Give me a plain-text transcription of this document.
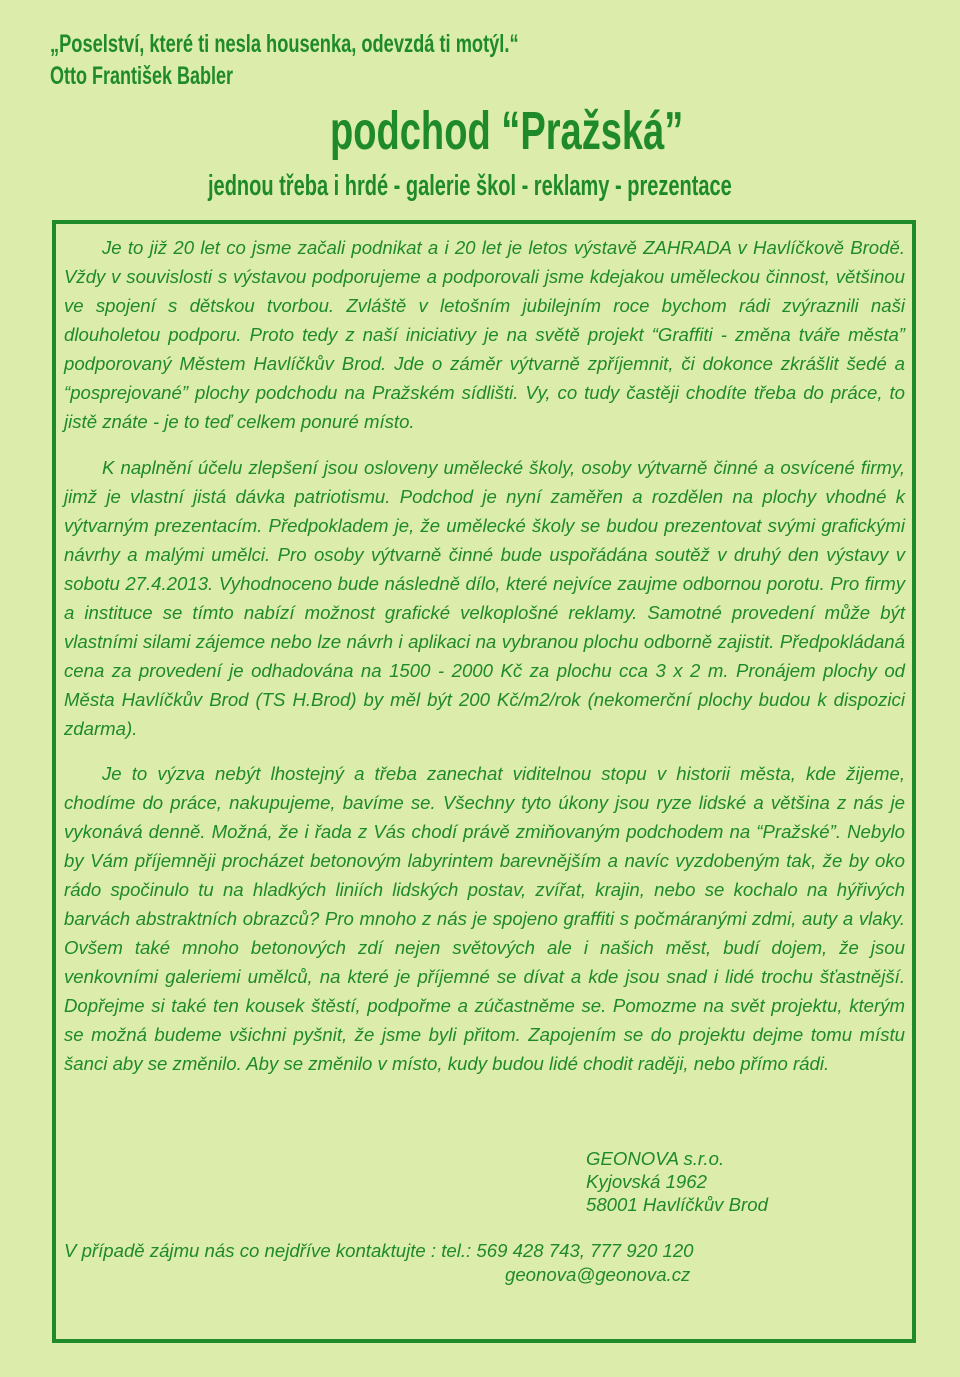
„Poselství, které ti nesla housenka, odevzdá ti motýl.“
Otto František Babler
podchod “Pražská”
jednou třeba i hrdé - galerie škol - reklamy - prezentace

Je to již 20 let co jsme začali podnikat a i 20 let je letos výstavě ZAHRADA v Havlíčkově Brodě. Vždy v souvislosti s výstavou podporujeme a podporovali jsme kdejakou uměleckou činnost, většinou ve spojení s dětskou tvorbou. Zvláště v letošním jubilejním roce bychom rádi zvýraznili naši dlouholetou podporu. Proto tedy z naší iniciativy je na světě projekt “Graffiti - změna tváře města” podporovaný Městem Havlíčkův Brod. Jde o záměr výtvarně zpříjemnit, či dokonce zkrášlit šedé a “posprejované” plochy podchodu na Pražském sídlišti. Vy, co tudy častěji chodíte třeba do práce, to jistě znáte - je to teď celkem ponuré místo.

K naplnění účelu zlepšení jsou osloveny umělecké školy, osoby výtvarně činné a osvícené firmy, jimž je vlastní jistá dávka patriotismu. Podchod je nyní zaměřen a rozdělen na plochy vhodné k výtvarným prezentacím. Předpokladem je, že umělecké školy se budou prezentovat svými grafickými návrhy a malými umělci. Pro osoby výtvarně činné bude uspořádána soutěž v druhý den výstavy v sobotu 27.4.2013. Vyhodnoceno bude následně dílo, které nejvíce zaujme odbornou porotu. Pro firmy a instituce se tímto nabízí možnost grafické velkoplošné reklamy. Samotné provedení může být vlastními silami zájemce nebo lze návrh i aplikaci na vybranou plochu odborně zajistit. Předpokládaná cena za provedení je odhadována na 1500 - 2000 Kč za plochu cca 3 x 2 m. Pronájem plochy od Města Havlíčkův Brod (TS H.Brod) by měl být 200 Kč/m2/rok (nekomerční plochy budou k dispozici zdarma).

Je to výzva nebýt lhostejný a třeba zanechat viditelnou stopu v historii města, kde žijeme, chodíme do práce, nakupujeme, bavíme se. Všechny tyto úkony jsou ryze lidské a většina z nás je vykonává denně. Možná, že i řada z Vás chodí právě zmiňovaným podchodem na “Pražské”. Nebylo by Vám příjemněji procházet betonovým labyrintem barevnějším a navíc vyzdobeným tak, že by oko rádo spočinulo tu na hladkých liniích lidských postav, zvířat, krajin, nebo se kochalo na hýřivých barvách abstraktních obrazců? Pro mnoho z nás je spojeno graffiti s počmáranými zdmi, auty a vlaky. Ovšem také mnoho betonových zdí nejen světových ale i našich měst, budí dojem, že jsou venkovními galeriemi umělců, na které je příjemné se dívat a kde jsou snad i lidé trochu šťastnější. Dopřejme si také ten kousek štěstí, podpořme a zúčastněme se. Pomozme na svět projektu, kterým se možná budeme všichni pyšnit, že jsme byli přitom. Zapojením se do projektu dejme tomu místu šanci aby se změnilo. Aby se změnilo v místo, kudy budou lidé chodit raději, nebo přímo rádi.

GEONOVA s.r.o.
Kyjovská 1962
58001 Havlíčkův Brod
V případě zájmu nás co nejdříve kontaktujte : tel.: 569 428 743, 777 920 120
geonova@geonova.cz
